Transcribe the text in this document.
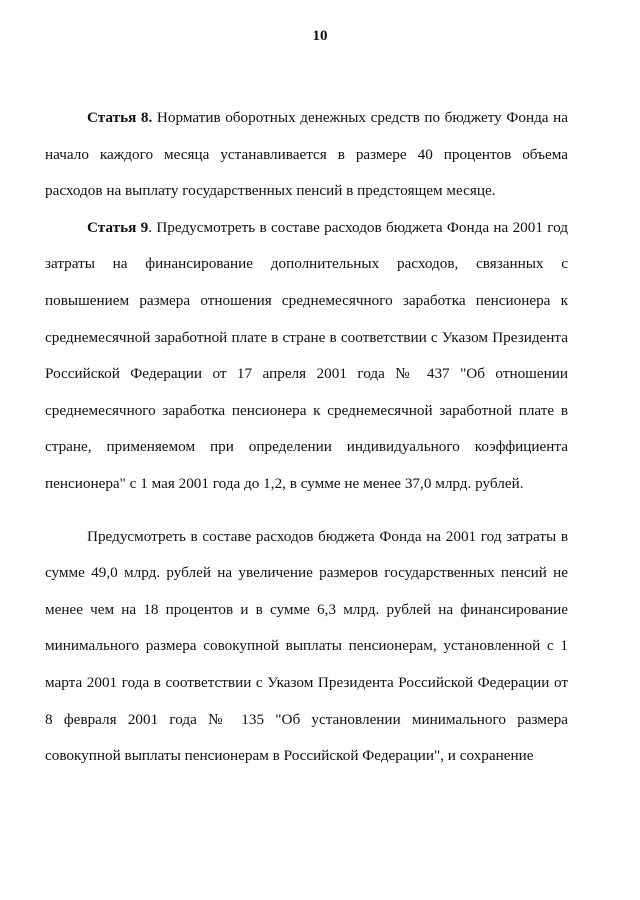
10

Статья 8. Норматив оборотных денежных средств по бюджету Фонда на начало каждого месяца устанавливается в размере 40 процентов объема расходов на выплату государственных пенсий в предстоящем месяце.

Статья 9. Предусмотреть в составе расходов бюджета Фонда на 2001 год затраты на финансирование дополнительных расходов, связанных с повышением размера отношения среднемесячного заработка пенсионера к среднемесячной заработной плате в стране в соответствии с Указом Президента Российской Федерации от 17 апреля 2001 года № 437 "Об отношении среднемесячного заработка пенсионера к среднемесячной заработной плате в стране, применяемом при определении индивидуального коэффициента пенсионера" с 1 мая 2001 года до 1,2, в сумме не менее 37,0 млрд. рублей.

Предусмотреть в составе расходов бюджета Фонда на 2001 год затраты в сумме 49,0 млрд. рублей на увеличение размеров государственных пенсий не менее чем на 18 процентов и в сумме 6,3 млрд. рублей на финансирование минимального размера совокупной выплаты пенсионерам, установленной с 1 марта 2001 года в соответствии с Указом Президента Российской Федерации от 8 февраля 2001 года № 135 "Об установлении минимального размера совокупной выплаты пенсионерам в Российской Федерации", и сохранение
